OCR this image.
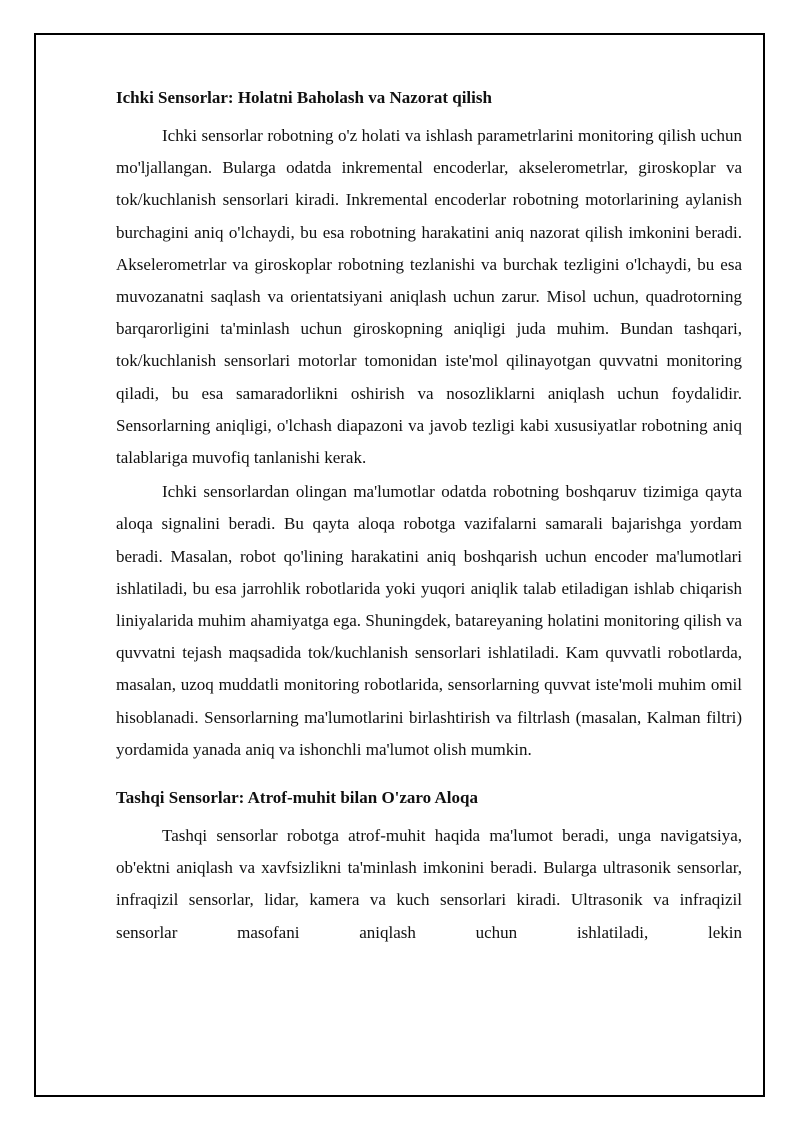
Ichki Sensorlar: Holatni Baholash va Nazorat qilish

Ichki sensorlar robotning o'z holati va ishlash parametrlarini monitoring qilish uchun mo'ljallangan. Bularga odatda inkremental encoderlar, akselerometrlar, giroskoplar va tok/kuchlanish sensorlari kiradi. Inkremental encoderlar robotning motorlarining aylanish burchagini aniq o'lchaydi, bu esa robotning harakatini aniq nazorat qilish imkonini beradi. Akselerometrlar va giroskoplar robotning tezlanishi va burchak tezligini o'lchaydi, bu esa muvozanatni saqlash va orientatsiyani aniqlash uchun zarur. Misol uchun, quadrotorning barqarorligini ta'minlash uchun giroskopning aniqligi juda muhim. Bundan tashqari, tok/kuchlanish sensorlari motorlar tomonidan iste'mol qilinayotgan quvvatni monitoring qiladi, bu esa samaradorlikni oshirish va nosozliklarni aniqlash uchun foydalidir. Sensorlarning aniqligi, o'lchash diapazoni va javob tezligi kabi xususiyatlar robotning aniq talablariga muvofiq tanlanishi kerak.

Ichki sensorlardan olingan ma'lumotlar odatda robotning boshqaruv tizimiga qayta aloqa signalini beradi. Bu qayta aloqa robotga vazifalarni samarali bajarishga yordam beradi. Masalan, robot qo'lining harakatini aniq boshqarish uchun encoder ma'lumotlari ishlatiladi, bu esa jarrohlik robotlarida yoki yuqori aniqlik talab etiladigan ishlab chiqarish liniyalarida muhim ahamiyatga ega. Shuningdek, batareyaning holatini monitoring qilish va quvvatni tejash maqsadida tok/kuchlanish sensorlari ishlatiladi. Kam quvvatli robotlarda, masalan, uzoq muddatli monitoring robotlarida, sensorlarning quvvat iste'moli muhim omil hisoblanadi. Sensorlarning ma'lumotlarini birlashtirish va filtrlash (masalan, Kalman filtri) yordamida yanada aniq va ishonchli ma'lumot olish mumkin.

Tashqi Sensorlar: Atrof-muhit bilan O'zaro Aloqa

Tashqi sensorlar robotga atrof-muhit haqida ma'lumot beradi, unga navigatsiya, ob'ektni aniqlash va xavfsizlikni ta'minlash imkonini beradi. Bularga ultrasonik sensorlar, infraqizil sensorlar, lidar, kamera va kuch sensorlari kiradi. Ultrasonik va infraqizil sensorlar masofani aniqlash uchun ishlatiladi, lekin
